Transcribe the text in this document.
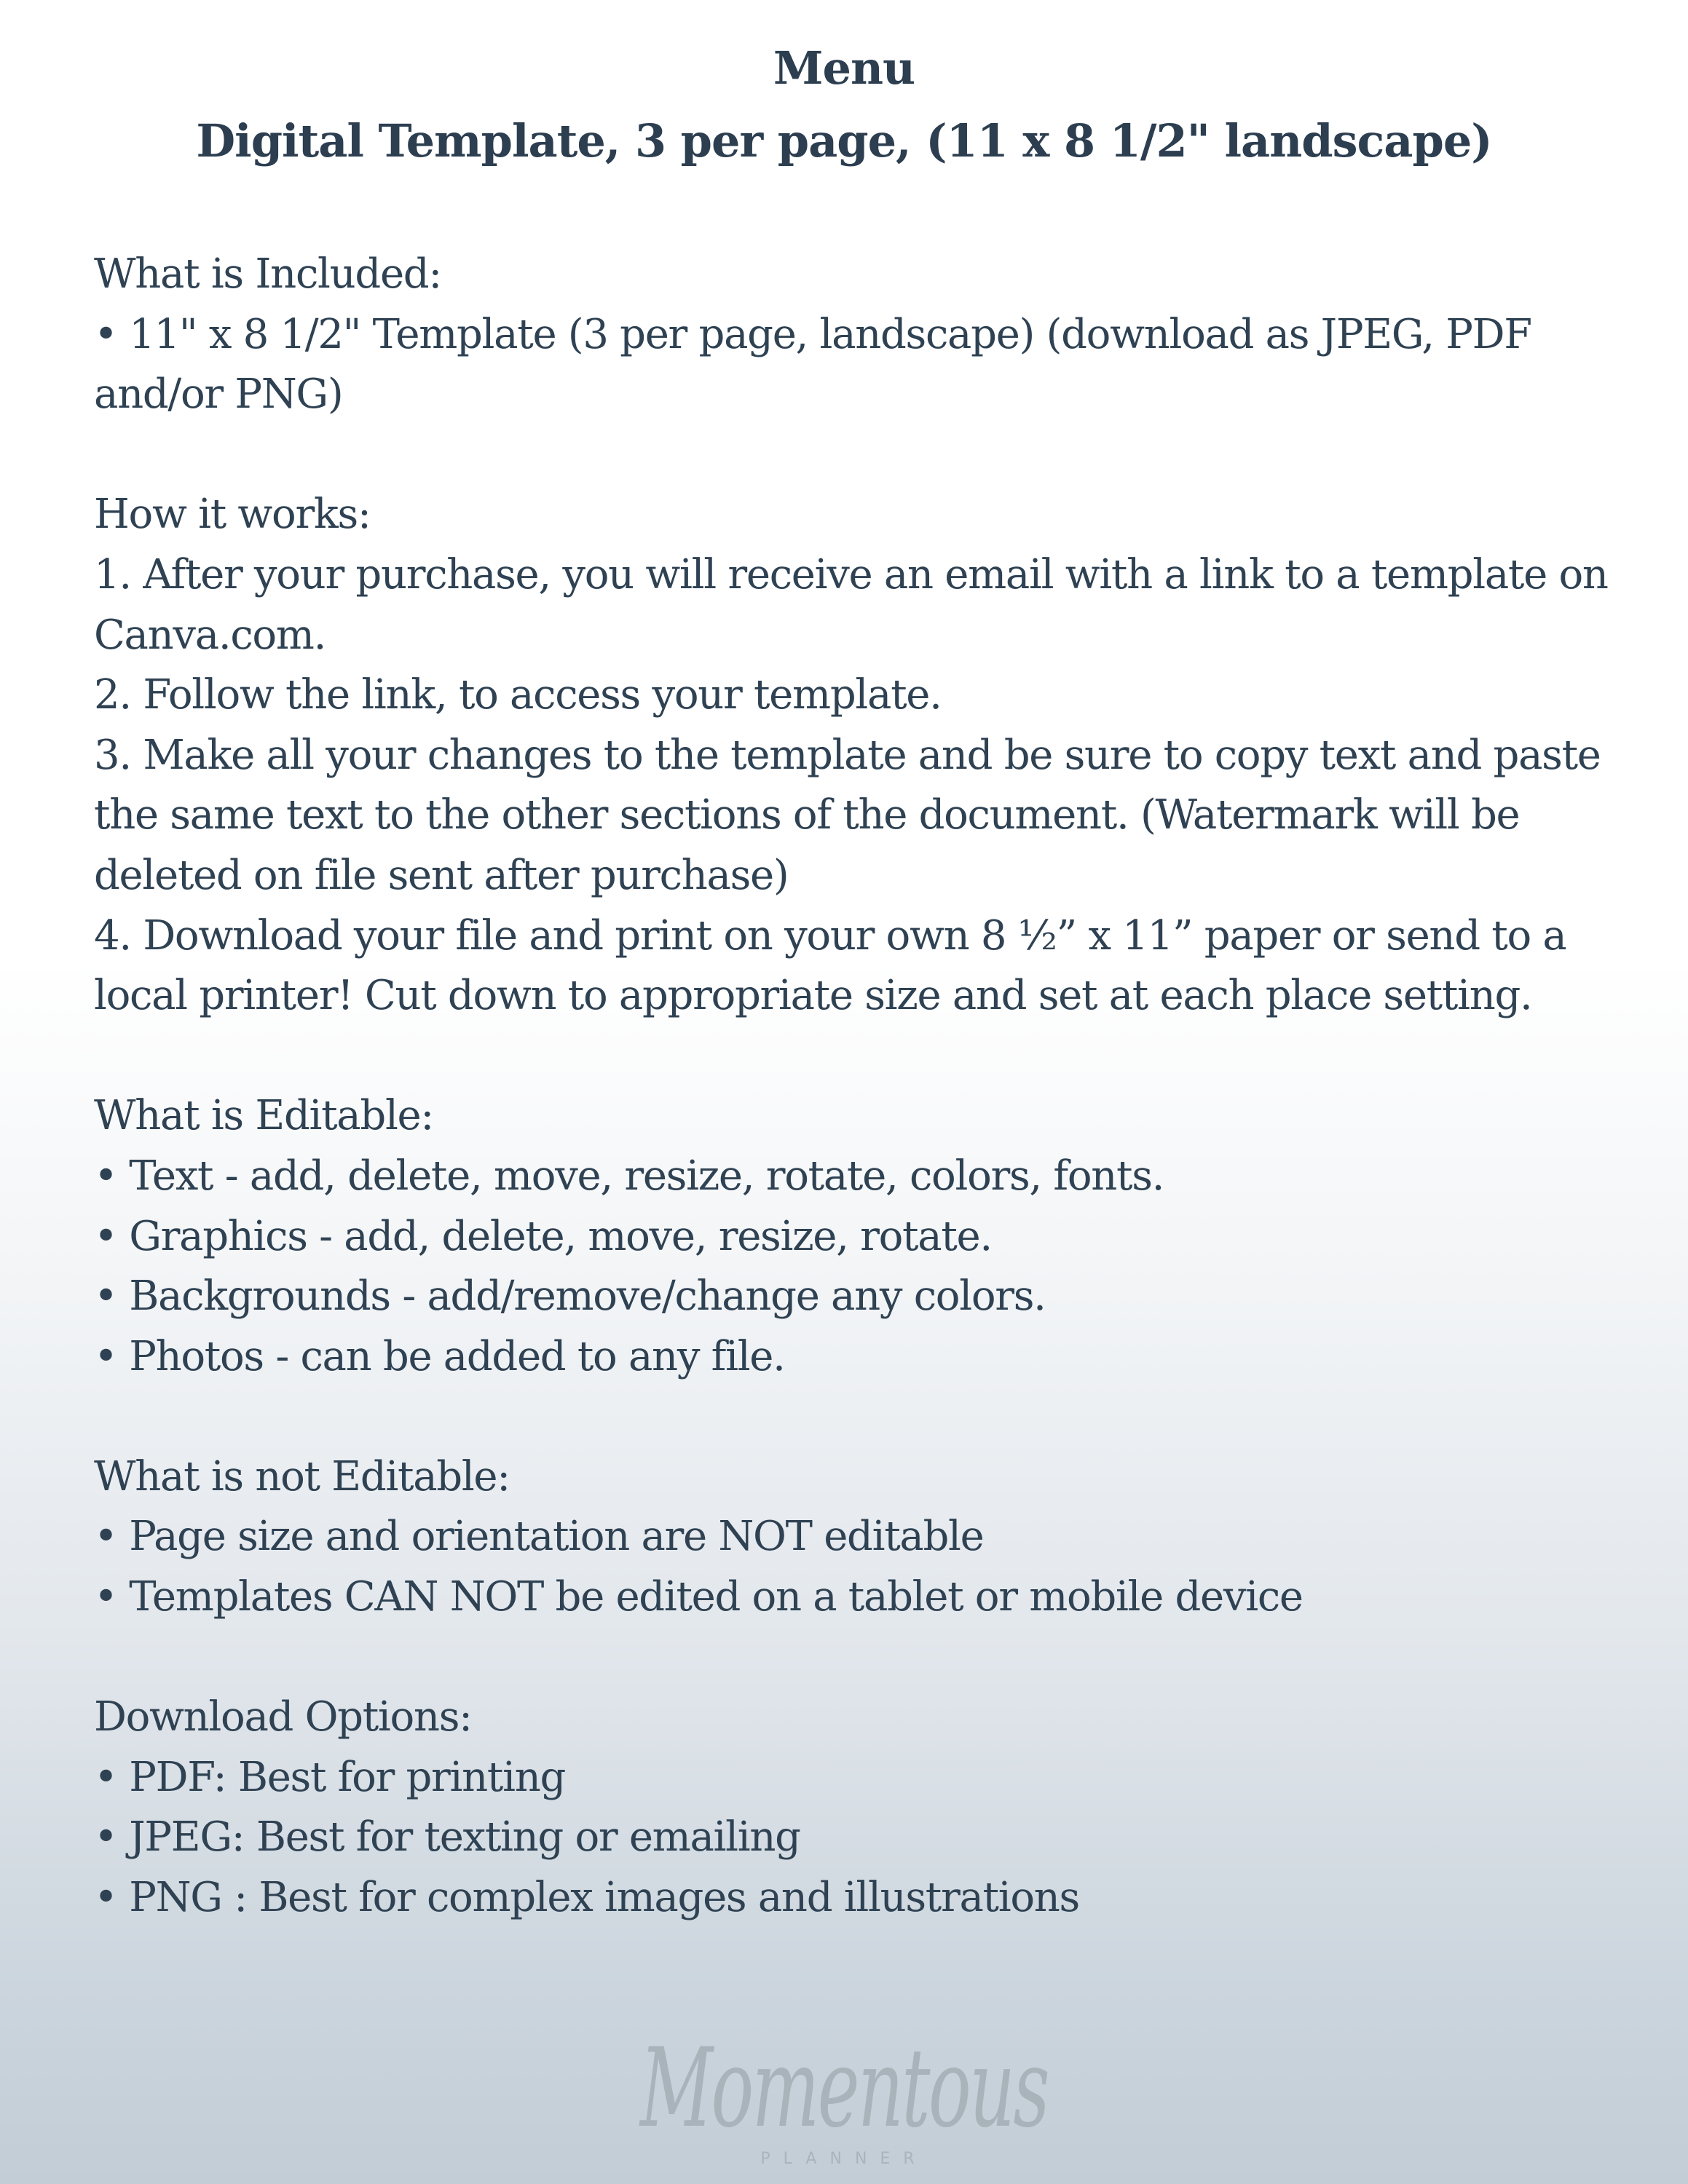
Menu
Digital Template, 3 per page, (11 x 8 1/2" landscape)
What is Included:
• 11" x 8 1/2" Template (3 per page, landscape) (download as JPEG, PDF
and/or PNG)
How it works:
1. After your purchase, you will receive an email with a link to a template on
Canva.com.
2. Follow the link, to access your template.
3. Make all your changes to the template and be sure to copy text and paste
the same text to the other sections of the document. (Watermark will be
deleted on file sent after purchase)
4. Download your file and print on your own 8 ½” x 11” paper or send to a
local printer! Cut down to appropriate size and set at each place setting.
What is Editable:
• Text - add, delete, move, resize, rotate, colors, fonts.
• Graphics - add, delete, move, resize, rotate.
• Backgrounds - add/remove/change any colors.
• Photos - can be added to any file.
What is not Editable:
• Page size and orientation are NOT editable
• Templates CAN NOT be edited on a tablet or mobile device
Download Options:
• PDF: Best for printing
• JPEG: Best for texting or emailing
• PNG : Best for complex images and illustrations
Momentous
PLANNER
